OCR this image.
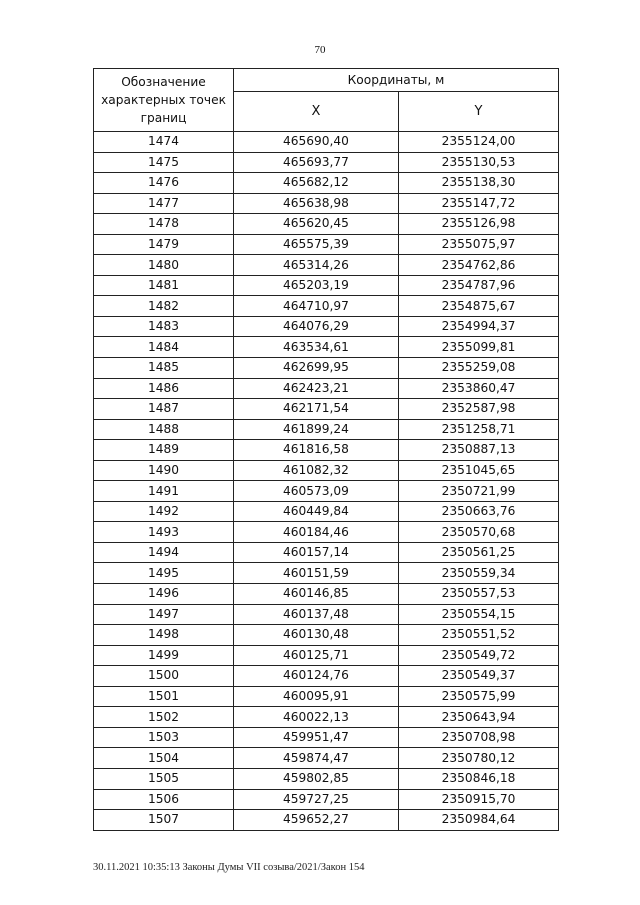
70
Обозначение характерных точек границ	Координаты, м	
	X	Y
1474	465690,40	2355124,00
1475	465693,77	2355130,53
1476	465682,12	2355138,30
1477	465638,98	2355147,72
1478	465620,45	2355126,98
1479	465575,39	2355075,97
1480	465314,26	2354762,86
1481	465203,19	2354787,96
1482	464710,97	2354875,67
1483	464076,29	2354994,37
1484	463534,61	2355099,81
1485	462699,95	2355259,08
1486	462423,21	2353860,47
1487	462171,54	2352587,98
1488	461899,24	2351258,71
1489	461816,58	2350887,13
1490	461082,32	2351045,65
1491	460573,09	2350721,99
1492	460449,84	2350663,76
1493	460184,46	2350570,68
1494	460157,14	2350561,25
1495	460151,59	2350559,34
1496	460146,85	2350557,53
1497	460137,48	2350554,15
1498	460130,48	2350551,52
1499	460125,71	2350549,72
1500	460124,76	2350549,37
1501	460095,91	2350575,99
1502	460022,13	2350643,94
1503	459951,47	2350708,98
1504	459874,47	2350780,12
1505	459802,85	2350846,18
1506	459727,25	2350915,70
1507	459652,27	2350984,64
30.11.2021 10:35:13 Законы Думы VII созыва/2021/Закон 154
